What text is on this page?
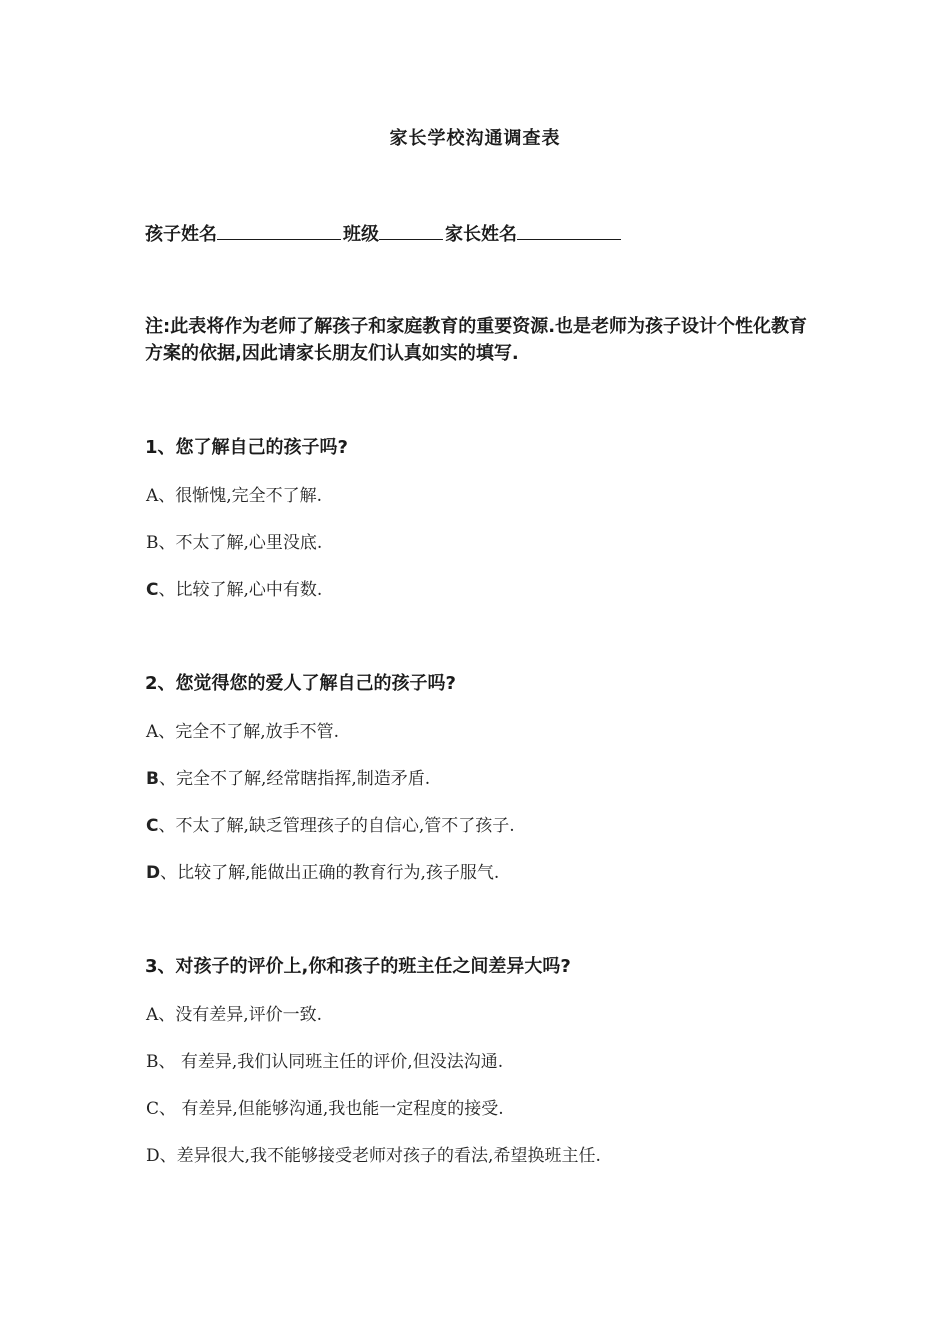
家长学校沟通调查表
孩子姓名	班级	家长姓名
注:此表将作为老师了解孩子和家庭教育的重要资源.也是老师为孩子设计个性化教育方案的依据,因此请家长朋友们认真如实的填写.
1、您了解自己的孩子吗?
A、很惭愧,完全不了解.
B、不太了解,心里没底.
C、比较了解,心中有数.
2、您觉得您的爱人了解自己的孩子吗?
A、完全不了解,放手不管.
B、完全不了解,经常瞎指挥,制造矛盾.
C、不太了解,缺乏管理孩子的自信心,管不了孩子.
D、比较了解,能做出正确的教育行为,孩子服气.
3、对孩子的评价上,你和孩子的班主任之间差异大吗?
A、没有差异,评价一致.
B、 有差异,我们认同班主任的评价,但没法沟通.
C、 有差异,但能够沟通,我也能一定程度的接受.
D、差异很大,我不能够接受老师对孩子的看法,希望换班主任.
